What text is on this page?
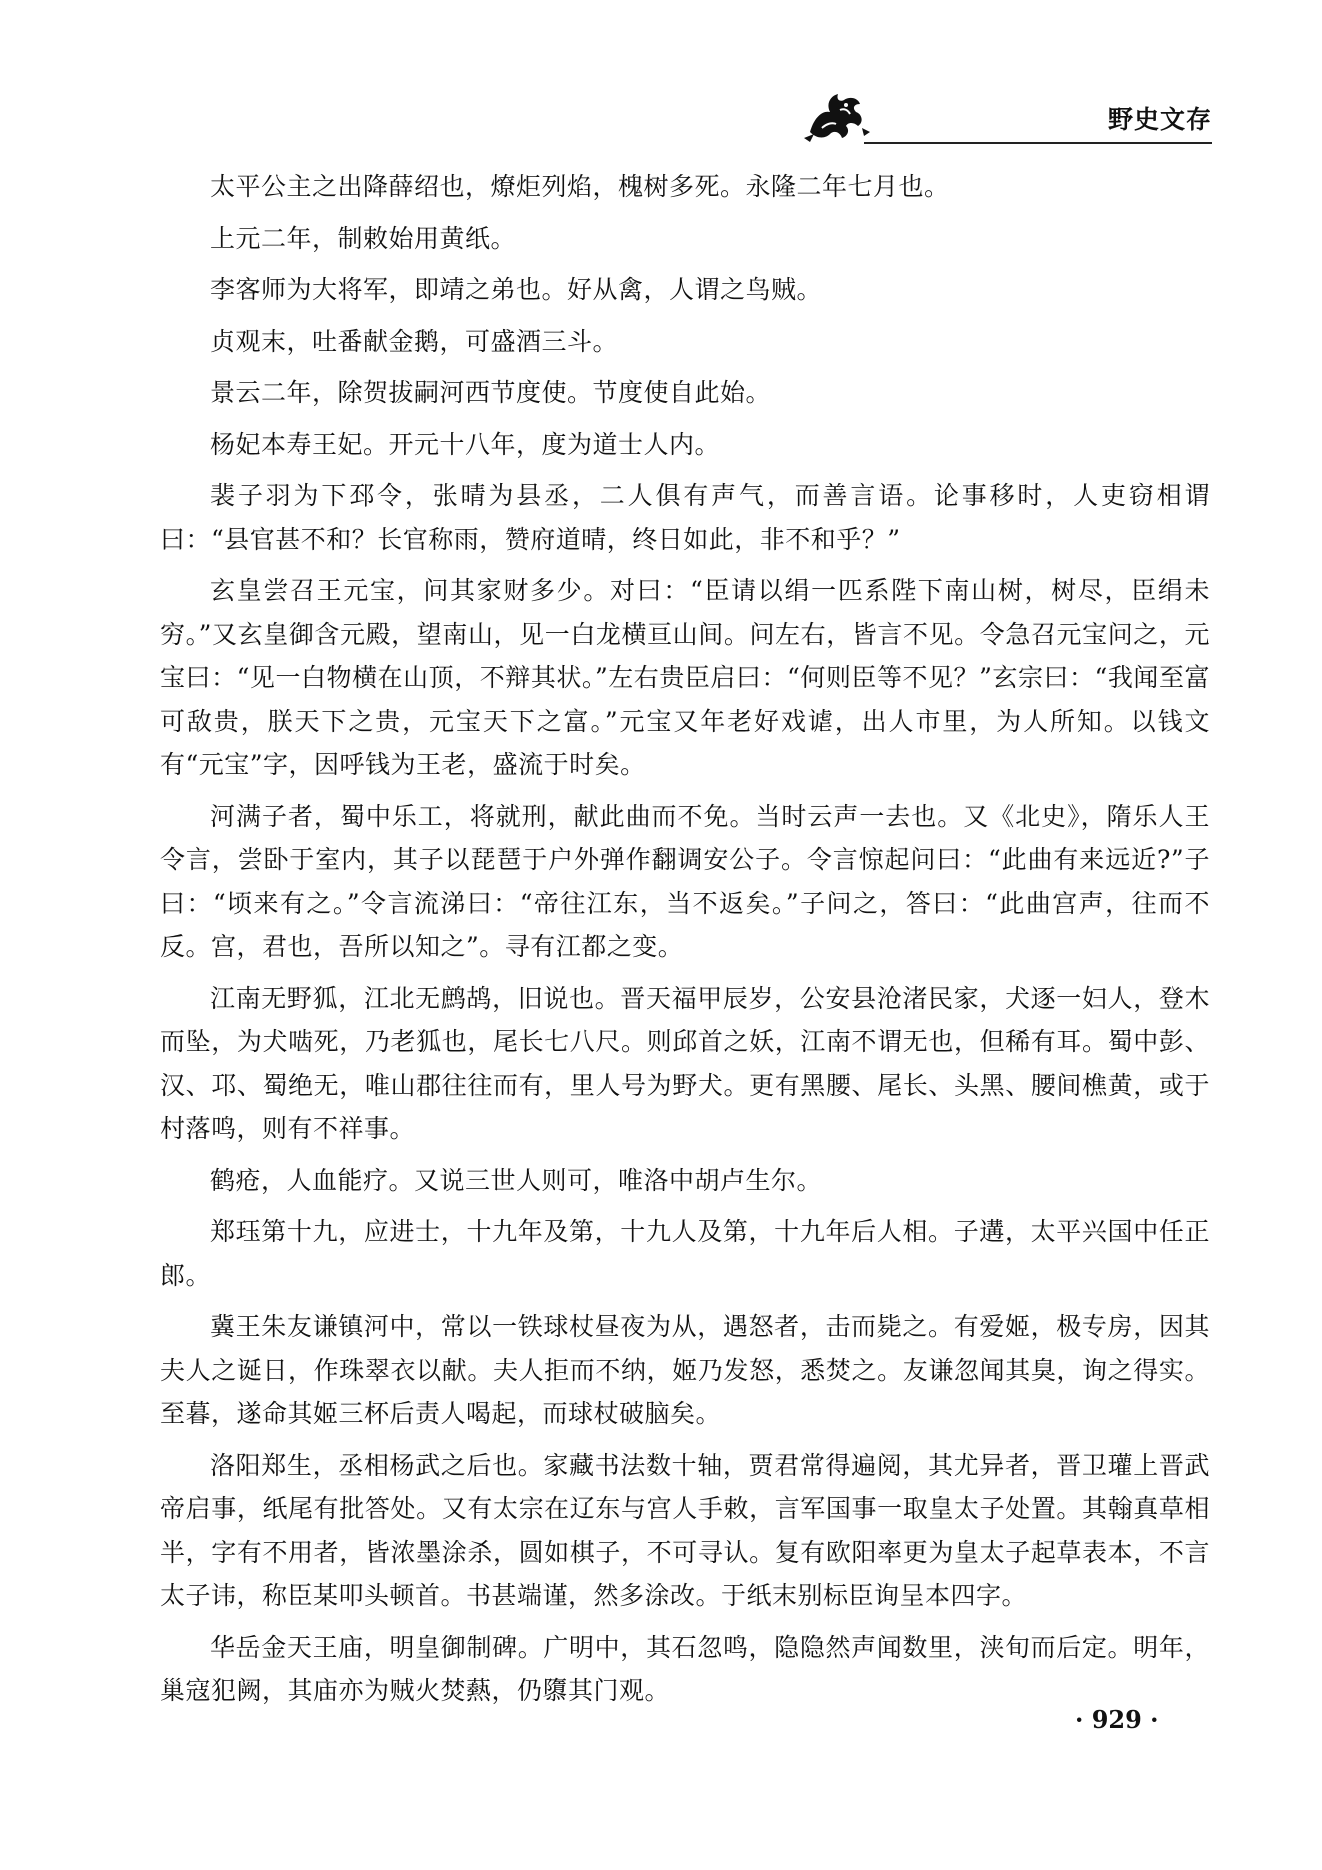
野史文存

太平公主之出降薛绍也，燎炬列焰，槐树多死。永隆二年七月也。

上元二年，制敕始用黄纸。

李客师为大将军，即靖之弟也。好从禽，人谓之鸟贼。

贞观末，吐番献金鹅，可盛酒三斗。

景云二年，除贺拔嗣河西节度使。节度使自此始。

杨妃本寿王妃。开元十八年，度为道士人内。

裴子羽为下邳令，张晴为县丞，二人俱有声气，而善言语。论事移时，人吏窃相谓曰：“县官甚不和？长官称雨，赞府道晴，终日如此，非不和乎？”

玄皇尝召王元宝，问其家财多少。对曰：“臣请以绢一匹系陛下南山树，树尽，臣绢未穷。”又玄皇御含元殿，望南山，见一白龙横亘山间。问左右，皆言不见。令急召元宝问之，元宝曰：“见一白物横在山顶，不辩其状。”左右贵臣启曰：“何则臣等不见？”玄宗曰：“我闻至富可敌贵，朕天下之贵，元宝天下之富。”元宝又年老好戏谑，出人市里，为人所知。以钱文有“元宝”字，因呼钱为王老，盛流于时矣。

河满子者，蜀中乐工，将就刑，献此曲而不免。当时云声一去也。又《北史》，隋乐人王令言，尝卧于室内，其子以琵琶于户外弹作翻调安公子。令言惊起问曰：“此曲有来远近?”子曰：“顷来有之。”令言流涕曰：“帝往江东，当不返矣。”子问之，答曰：“此曲宫声，往而不反。宫，君也，吾所以知之”。寻有江都之变。

江南无野狐，江北无鹧鸪，旧说也。晋天福甲辰岁，公安县沧渚民家，犬逐一妇人，登木而坠，为犬啮死，乃老狐也，尾长七八尺。则邱首之妖，江南不谓无也，但稀有耳。蜀中彭、汉、邛、蜀绝无，唯山郡往往而有，里人号为野犬。更有黑腰、尾长、头黑、腰间樵黄，或于村落鸣，则有不祥事。

鹤疮，人血能疗。又说三世人则可，唯洛中胡卢生尔。

郑珏第十九，应进士，十九年及第，十九人及第，十九年后人相。子遘，太平兴国中任正郎。

冀王朱友谦镇河中，常以一铁球杖昼夜为从，遇怒者，击而毙之。有爱姬，极专房，因其夫人之诞日，作珠翠衣以献。夫人拒而不纳，姬乃发怒，悉焚之。友谦忽闻其臭，询之得实。至暮，遂命其姬三杯后责人喝起，而球杖破脑矣。

洛阳郑生，丞相杨武之后也。家藏书法数十轴，贾君常得遍阅，其尤异者，晋卫瓘上晋武帝启事，纸尾有批答处。又有太宗在辽东与宫人手敕，言军国事一取皇太子处置。其翰真草相半，字有不用者，皆浓墨涂杀，圆如棋子，不可寻认。复有欧阳率更为皇太子起草表本，不言太子讳，称臣某叩头顿首。书甚端谨，然多涂改。于纸末别标臣询呈本四字。

华岳金天王庙，明皇御制碑。广明中，其石忽鸣，隐隐然声闻数里，浃旬而后定。明年，巢寇犯阙，其庙亦为贼火焚爇，仍隳其门观。

· 929 ·
